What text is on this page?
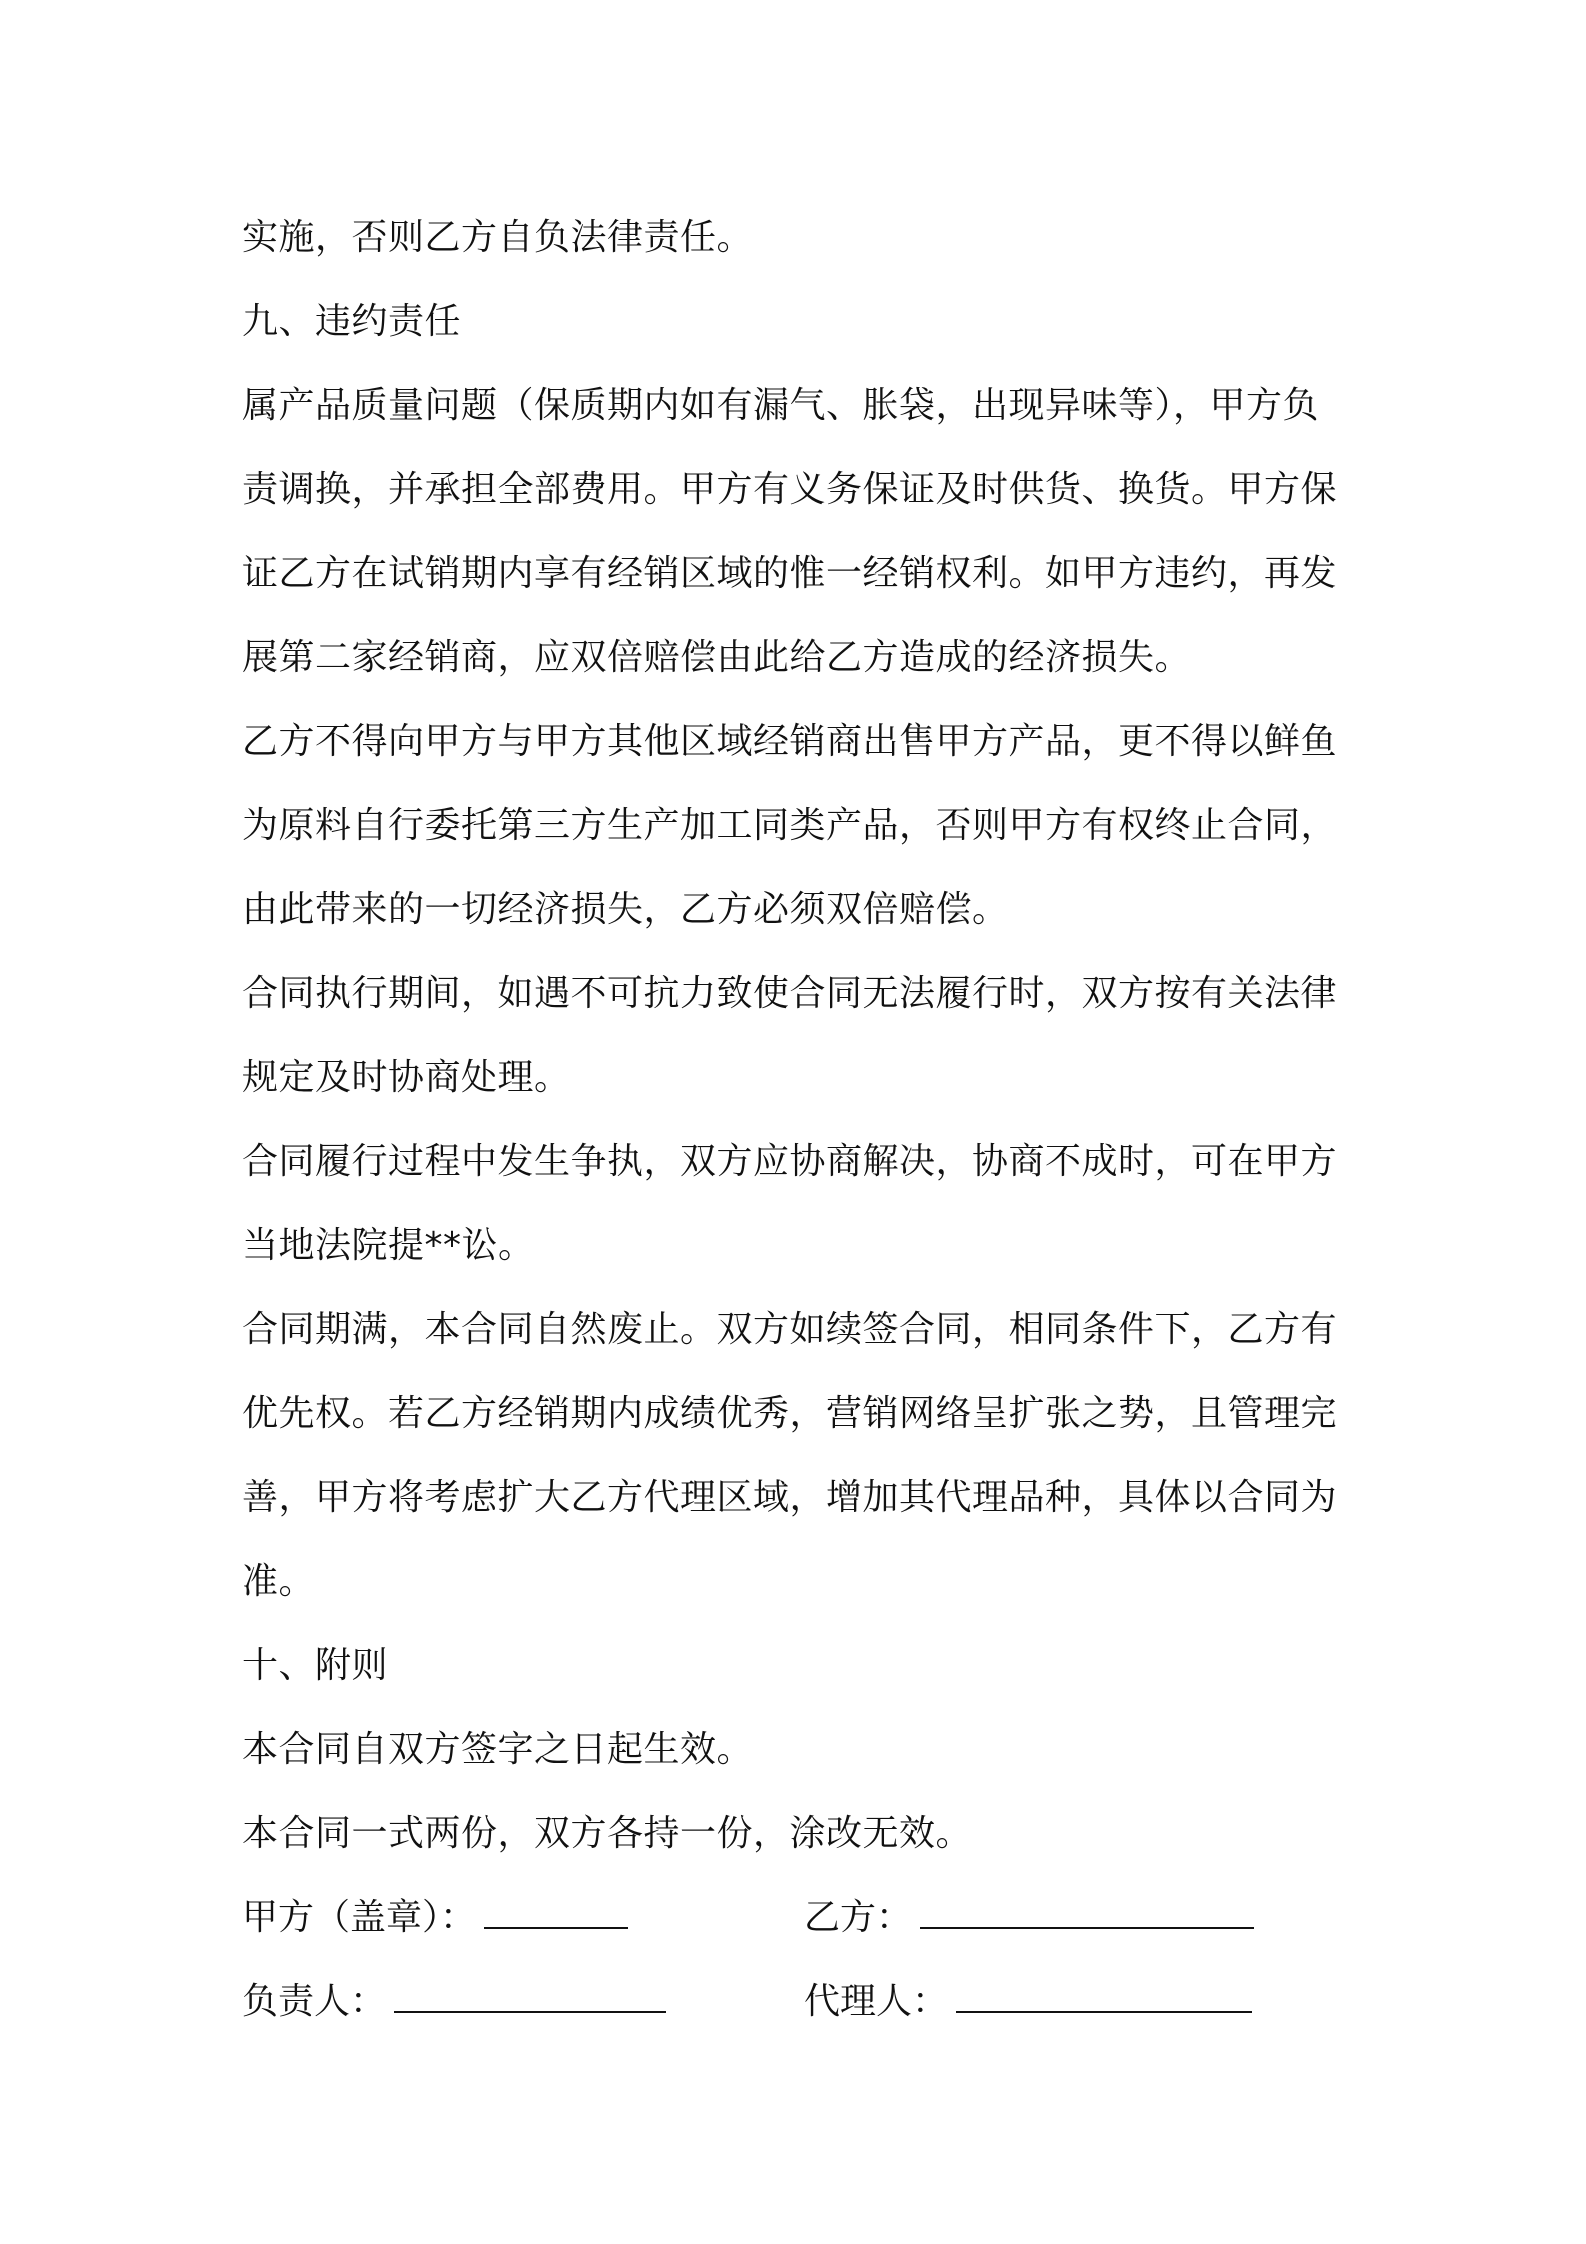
实施，否则乙方自负法律责任。
九、违约责任
属产品质量问题（保质期内如有漏气、胀袋，出现异味等），甲方负
责调换，并承担全部费用。甲方有义务保证及时供货、换货。甲方保
证乙方在试销期内享有经销区域的惟一经销权利。如甲方违约，再发
展第二家经销商，应双倍赔偿由此给乙方造成的经济损失。
乙方不得向甲方与甲方其他区域经销商出售甲方产品，更不得以鲜鱼
为原料自行委托第三方生产加工同类产品，否则甲方有权终止合同，
由此带来的一切经济损失，乙方必须双倍赔偿。
合同执行期间，如遇不可抗力致使合同无法履行时，双方按有关法律
规定及时协商处理。
合同履行过程中发生争执，双方应协商解决，协商不成时，可在甲方
当地法院提**讼。
合同期满，本合同自然废止。双方如续签合同，相同条件下，乙方有
优先权。若乙方经销期内成绩优秀，营销网络呈扩张之势，且管理完
善，甲方将考虑扩大乙方代理区域，增加其代理品种，具体以合同为
准。
十、附则
本合同自双方签字之日起生效。
本合同一式两份，双方各持一份，涂改无效。
甲方（盖章）：	乙方：
负责人：	代理人：
